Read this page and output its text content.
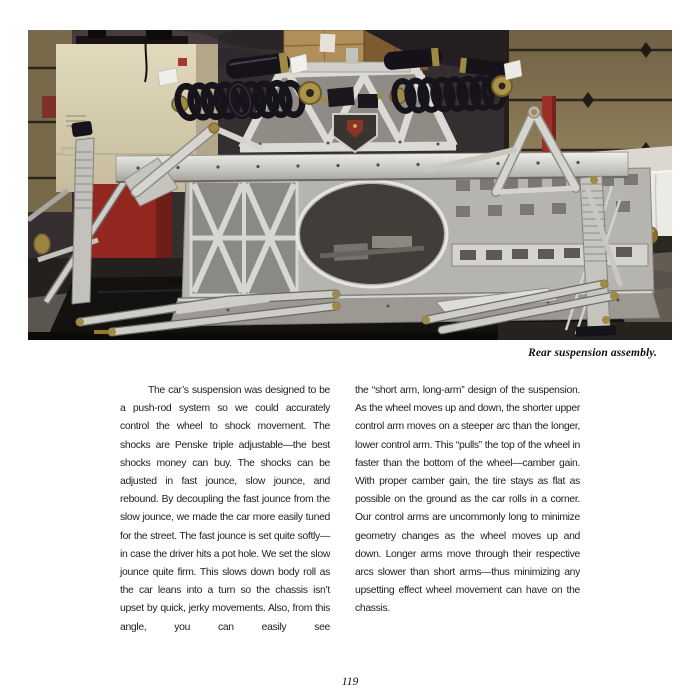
Rear suspension assembly.

The car’s suspension was designed to be a push-rod system so we could accurately control the wheel to shock movement. The shocks are Penske triple adjustable—the best shocks money can buy. The shocks can be adjusted in fast jounce, slow jounce, and rebound. By decoupling the fast jounce from the slow jounce, we made the car more easily tuned for the street. The fast jounce is set quite softly—in case the driver hits a pot hole. We set the slow jounce quite firm. This slows down body roll as the car leans into a turn so the chassis isn’t upset by quick, jerky movements. Also, from this angle, you can easily see

the “short arm, long-arm” design of the suspension. As the wheel moves up and down, the shorter upper control arm moves on a steeper arc than the longer, lower control arm. This “pulls” the top of the wheel in faster than the bottom of the wheel—camber gain. With proper camber gain, the tire stays as flat as possible on the ground as the car rolls in a corner. Our control arms are uncommonly long to minimize geometry changes as the wheel moves up and down. Longer arms move through their respective arcs slower than short arms—thus minimizing any upsetting effect wheel movement can have on the chassis.

119
